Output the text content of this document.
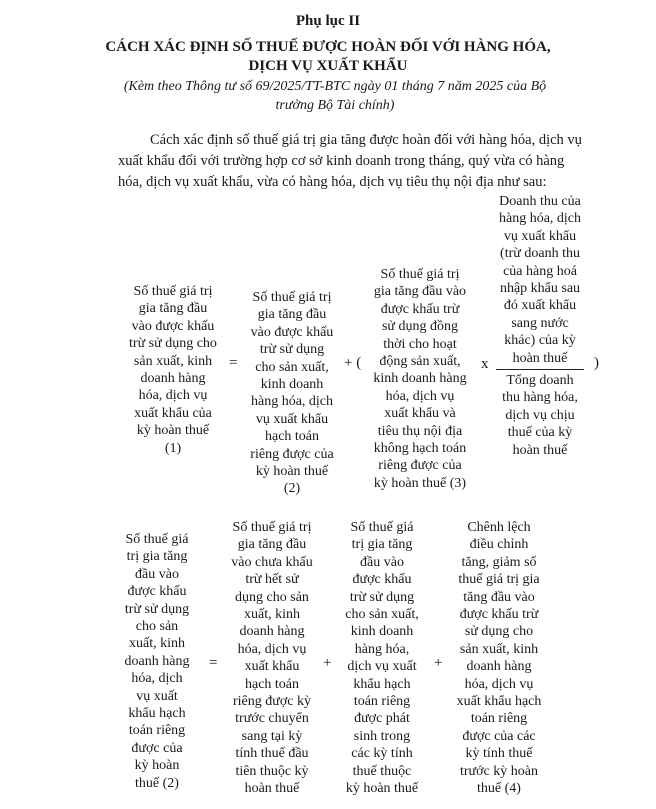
Phụ lục II
CÁCH XÁC ĐỊNH SỐ THUẾ ĐƯỢC HOÀN ĐỐI VỚI HÀNG HÓA,
DỊCH VỤ XUẤT KHẨU
(Kèm theo Thông tư số 69/2025/TT-BTC ngày 01 tháng 7 năm 2025 của Bộ
trưởng Bộ Tài chính)
Cách xác định số thuế giá trị gia tăng được hoàn đối với hàng hóa, dịch vụ
xuất khẩu đối với trường hợp cơ sở kinh doanh trong tháng, quý vừa có hàng
hóa, dịch vụ xuất khẩu, vừa có hàng hóa, dịch vụ tiêu thụ nội địa như sau:
Số thuế giá trị
gia tăng đầu
vào được khấu
trừ sử dụng cho
sản xuất, kinh
doanh hàng
hóa, dịch vụ
xuất khẩu của
kỳ hoàn thuế
(1)
=
Số thuế giá trị
gia tăng đầu
vào được khấu
trừ sử dụng
cho sản xuất,
kinh doanh
hàng hóa, dịch
vụ xuất khẩu
hạch toán
riêng được của
kỳ hoàn thuế
(2)
+ (
Số thuế giá trị
gia tăng đầu vào
được khấu trừ
sử dụng đồng
thời cho hoạt
động sản xuất,
kinh doanh hàng
hóa, dịch vụ
xuất khẩu và
tiêu thụ nội địa
không hạch toán
riêng được của
kỳ hoàn thuế (3)
x
Doanh thu của
hàng hóa, dịch
vụ xuất khẩu
(trừ doanh thu
của hàng hoá
nhập khẩu sau
đó xuất khẩu
sang nước
khác) của kỳ
hoàn thuế
Tổng doanh
thu hàng hóa,
dịch vụ chịu
thuế của kỳ
hoàn thuế
)
Số thuế giá
trị gia tăng
đầu vào
được khấu
trừ sử dụng
cho sản
xuất, kinh
doanh hàng
hóa, dịch
vụ xuất
khẩu hạch
toán riêng
được của
kỳ hoàn
thuế (2)
=
Số thuế giá trị
gia tăng đầu
vào chưa khấu
trừ hết sử
dụng cho sản
xuất, kinh
doanh hàng
hóa, dịch vụ
xuất khẩu
hạch toán
riêng được kỳ
trước chuyển
sang tại kỳ
tính thuế đầu
tiên thuộc kỳ
hoàn thuế
+
Số thuế giá
trị gia tăng
đầu vào
được khấu
trừ sử dụng
cho sản xuất,
kinh doanh
hàng hóa,
dịch vụ xuất
khẩu hạch
toán riêng
được phát
sinh trong
các kỳ tính
thuế thuộc
kỳ hoàn thuế
+
Chênh lệch
điều chỉnh
tăng, giảm số
thuế giá trị gia
tăng đầu vào
được khấu trừ
sử dụng cho
sản xuất, kinh
doanh hàng
hóa, dịch vụ
xuất khẩu hạch
toán riêng
được của các
kỳ tính thuế
trước kỳ hoàn
thuế (4)
